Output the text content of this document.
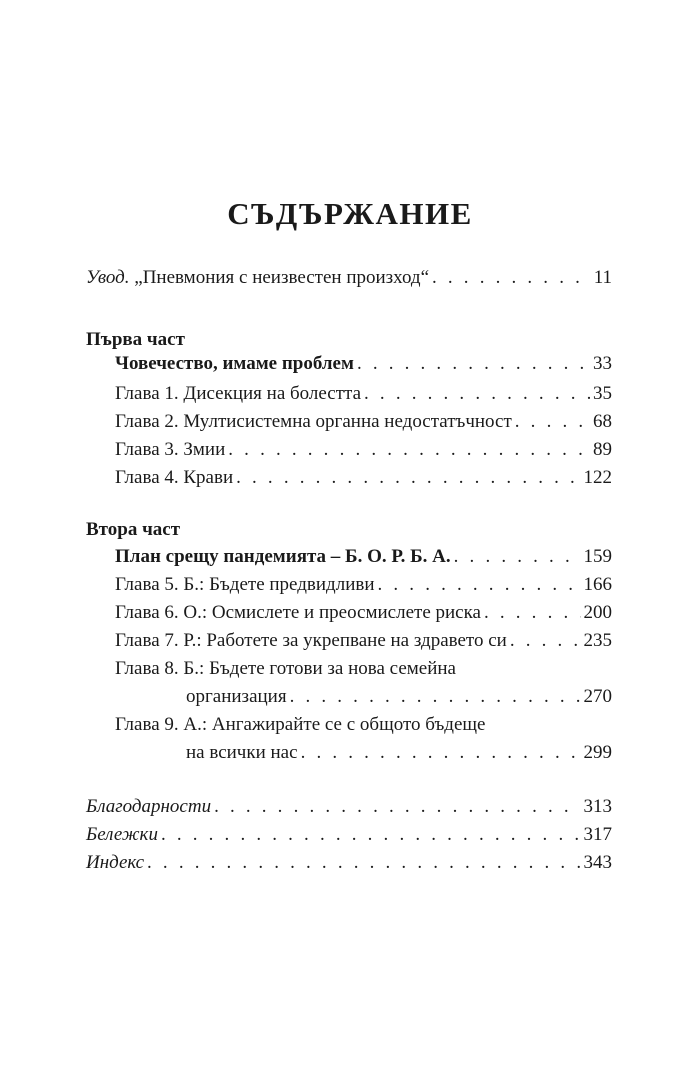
СЪДЪРЖАНИЕ
Увод. „Пневмония с неизвестен произход“ . . .	11
Първа част
Човечество, имаме проблем . . .	33
Глава 1. Дисекция на болестта . . .	35
Глава 2. Мултисистемна органна недостатъчност . . .	68
Глава 3. Змии . . .	89
Глава 4. Крави . . .	122
Втора част
План срещу пандемията – Б. О. Р. Б. А. . . .	159
Глава 5. Б.: Бъдете предвидливи . . .	166
Глава 6. О.: Осмислете и преосмислете риска . . .	200
Глава 7. Р.: Работете за укрепване на здравето си . . .	235
Глава 8. Б.: Бъдете готови за нова семейна
организация . . .	270
Глава 9. А.: Ангажирайте се с общото бъдеще
на всички нас . . .	299
Благодарности . . .	313
Бележки . . .	317
Индекс . . .	343
